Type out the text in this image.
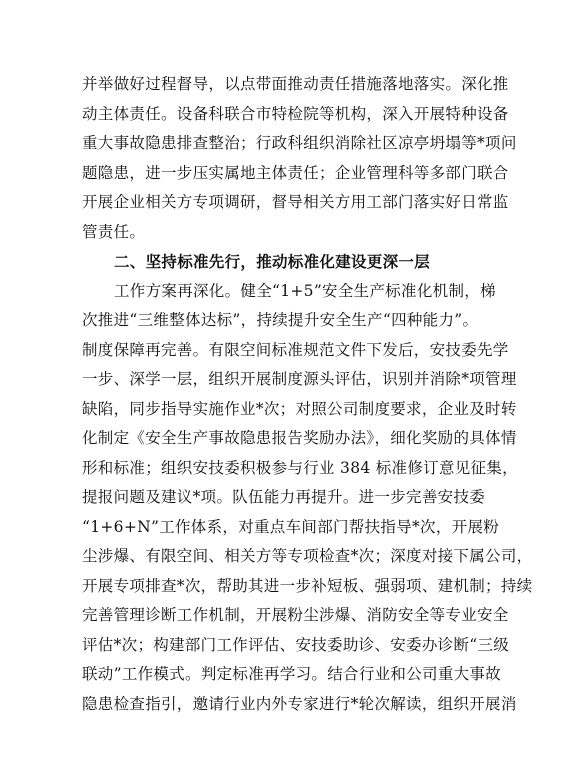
并举做好过程督导，以点带面推动责任措施落地落实。深化推
动主体责任。设备科联合市特检院等机构，深入开展特种设备
重大事故隐患排查整治；行政科组织消除社区凉亭坍塌等*项问
题隐患，进一步压实属地主体责任；企业管理科等多部门联合
开展企业相关方专项调研，督导相关方用工部门落实好日常监
管责任。
二、坚持标准先行，推动标准化建设更深一层
工作方案再深化。健全“1+5”安全生产标准化机制，梯
次推进“三维整体达标”，持续提升安全生产“四种能力”。
制度保障再完善。有限空间标准规范文件下发后，安技委先学
一步、深学一层，组织开展制度源头评估，识别并消除*项管理
缺陷，同步指导实施作业*次；对照公司制度要求，企业及时转
化制定《安全生产事故隐患报告奖励办法》，细化奖励的具体情
形和标准；组织安技委积极参与行业 384 标准修订意见征集，
提报问题及建议*项。队伍能力再提升。进一步完善安技委
“1+6+N”工作体系，对重点车间部门帮扶指导*次，开展粉
尘涉爆、有限空间、相关方等专项检查*次；深度对接下属公司，
开展专项排查*次，帮助其进一步补短板、强弱项、建机制；持续
完善管理诊断工作机制，开展粉尘涉爆、消防安全等专业安全
评估*次；构建部门工作评估、安技委助诊、安委办诊断“三级
联动”工作模式。判定标准再学习。结合行业和公司重大事故
隐患检查指引，邀请行业内外专家进行*轮次解读，组织开展消
